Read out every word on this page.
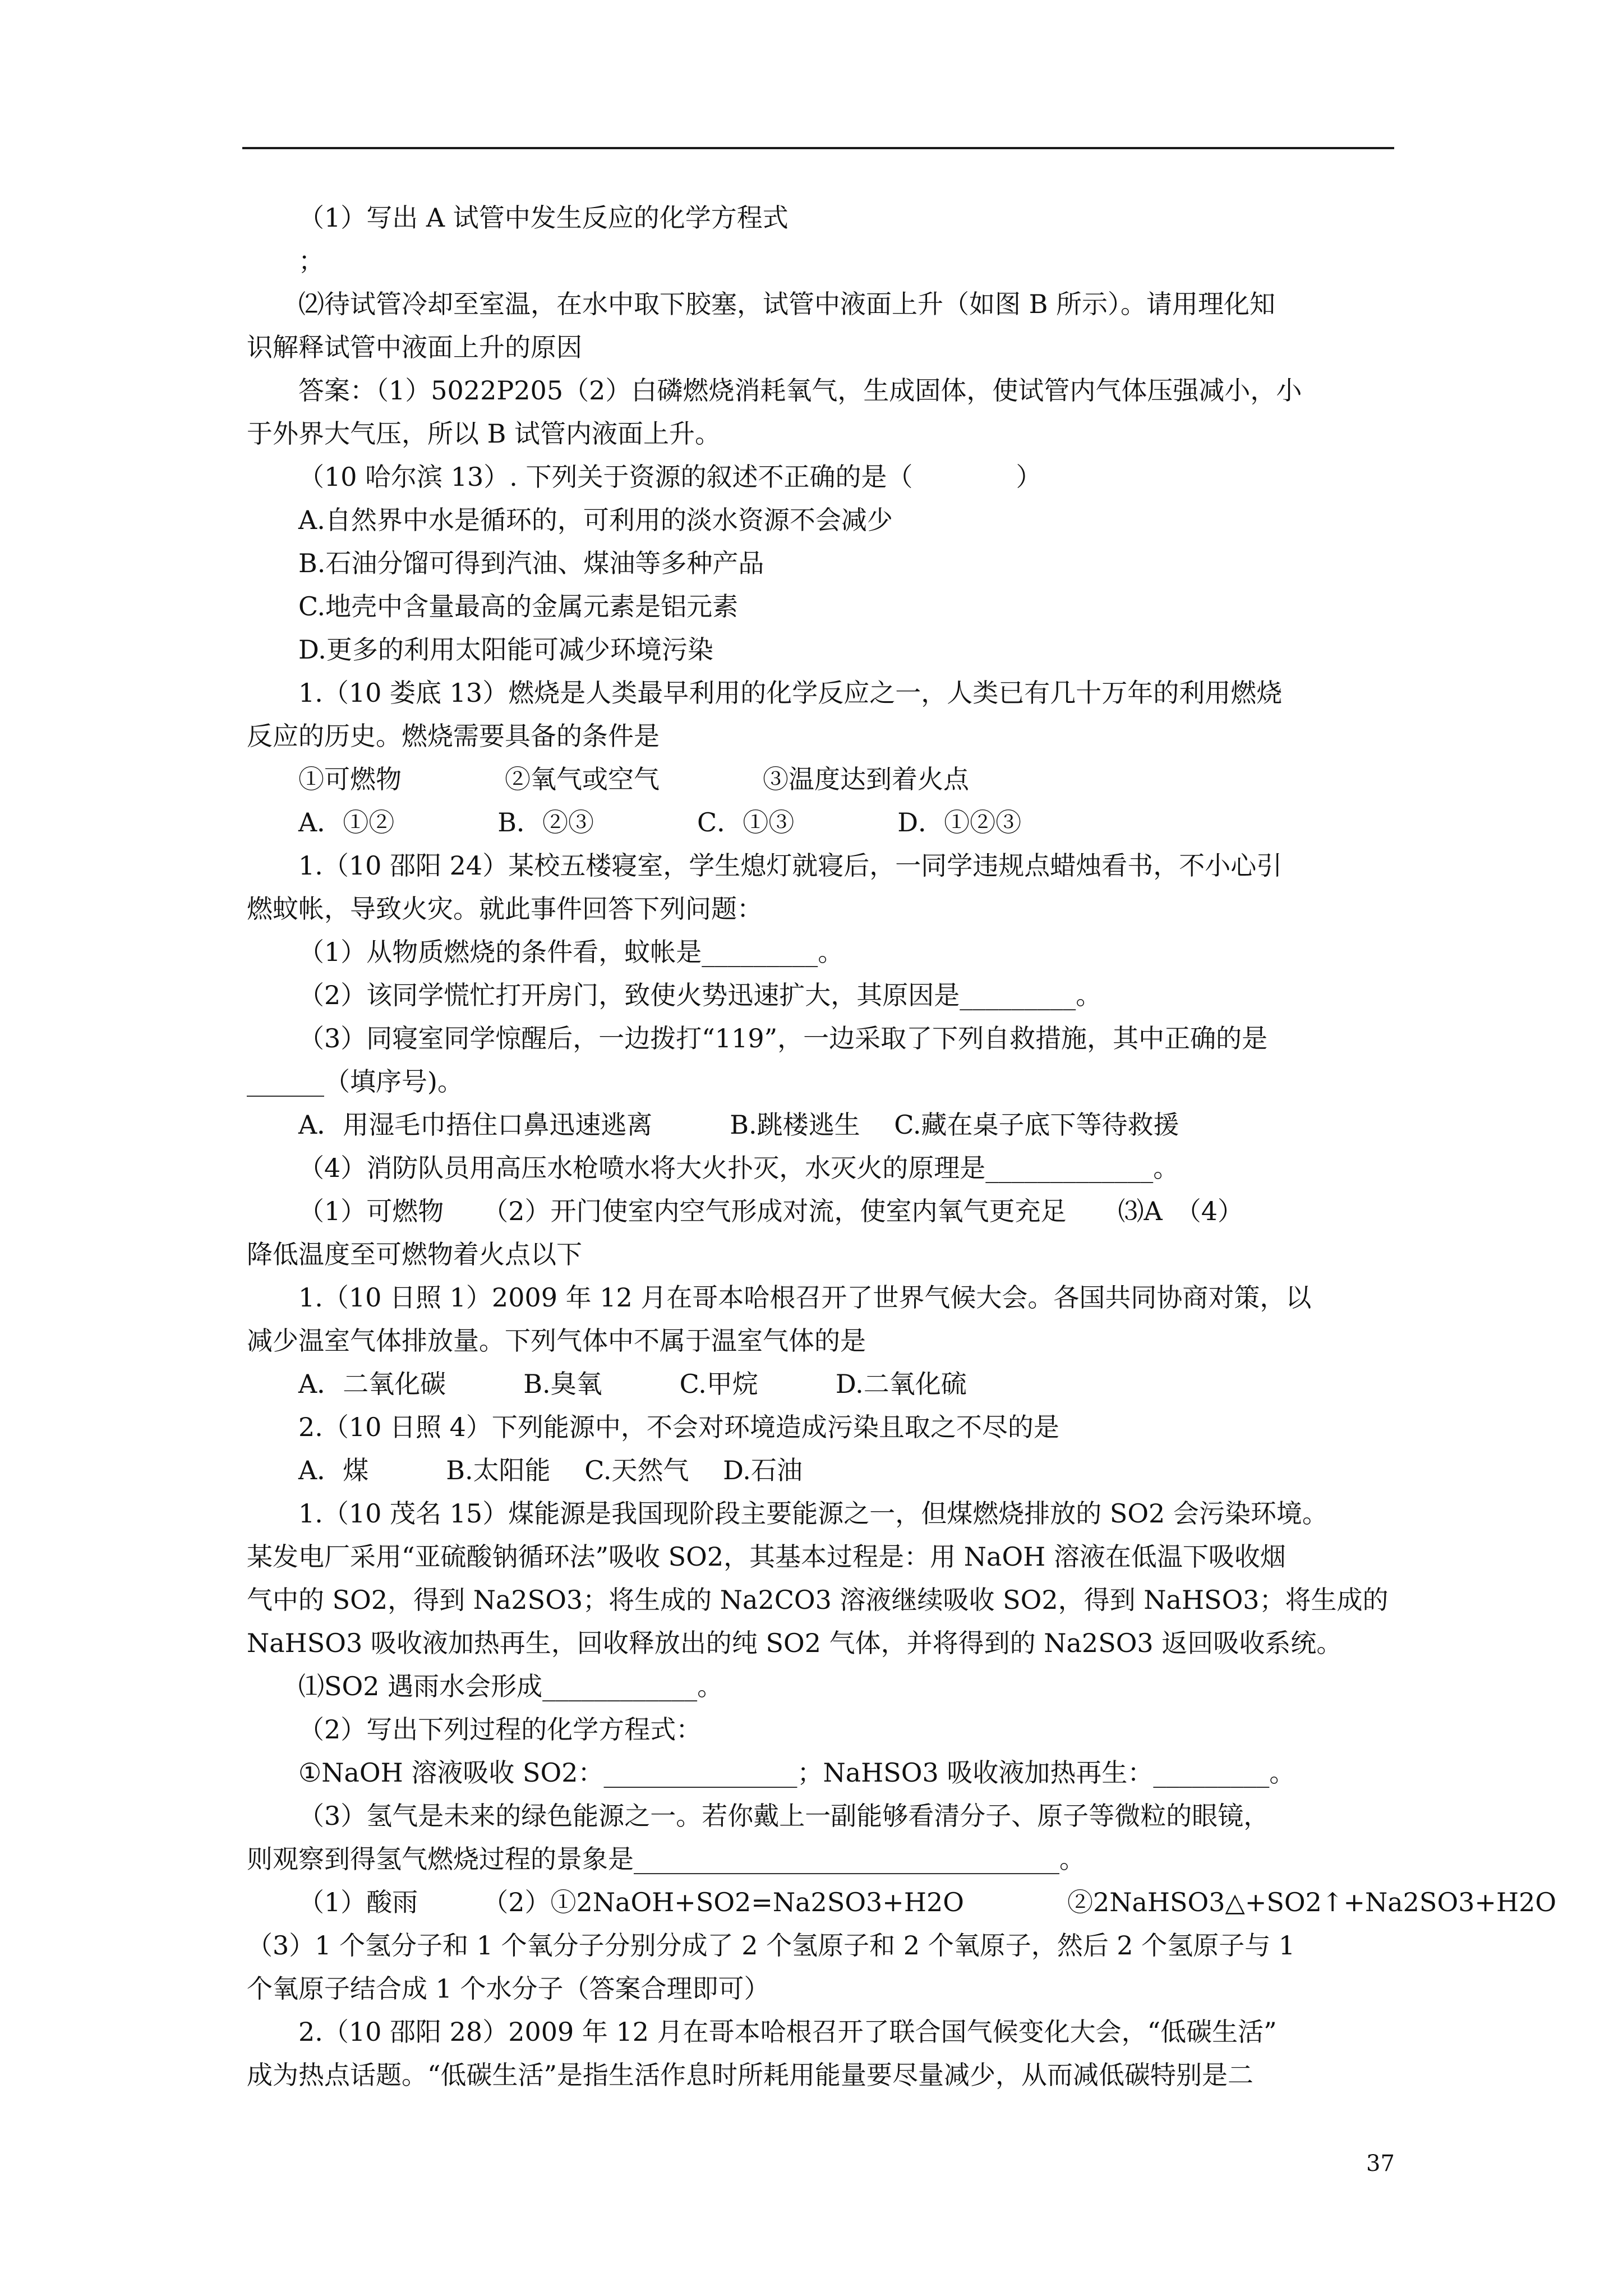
（1）写出 A 试管中发生反应的化学方程式
；
⑵待试管冷却至室温，在水中取下胶塞，试管中液面上升（如图 B 所示）。请用理化知
识解释试管中液面上升的原因
答案：（1）5022P205（2）白磷燃烧消耗氧气，生成固体，使试管内气体压强减小，小
于外界大气压，所以 B 试管内液面上升。
（10 哈尔滨 13）. 下列关于资源的叙述不正确的是（　　　　）
A.自然界中水是循环的，可利用的淡水资源不会减少
B.石油分馏可得到汽油、煤油等多种产品
C.地壳中含量最高的金属元素是铝元素
D.更多的利用太阳能可减少环境污染
1.（10 娄底 13）燃烧是人类最早利用的化学反应之一，人类已有几十万年的利用燃烧
反应的历史。燃烧需要具备的条件是
①可燃物　　　　②氧气或空气　　　　③温度达到着火点
A．①②　　　　B．②③　　　　C．①③　　　　D．①②③
1.（10 邵阳 24）某校五楼寝室，学生熄灯就寝后，一同学违规点蜡烛看书，不小心引
燃蚊帐，导致火灾。就此事件回答下列问题：
（1）从物质燃烧的条件看，蚊帐是_________。
（2）该同学慌忙打开房门，致使火势迅速扩大，其原因是_________。
（3）同寝室同学惊醒后，一边拨打“119”，一边采取了下列自救措施，其中正确的是
______（填序号)。
A．用湿毛巾捂住口鼻迅速逃离　　　B.跳楼逃生　 C.藏在桌子底下等待救援
（4）消防队员用高压水枪喷水将大火扑灭，水灭火的原理是_____________。
（1）可燃物　　（2）开门使室内空气形成对流，使室内氧气更充足　　⑶A　（4）
降低温度至可燃物着火点以下
1.（10 日照 1）2009 年 12 月在哥本哈根召开了世界气候大会。各国共同协商对策，以
减少温室气体排放量。下列气体中不属于温室气体的是
A．二氧化碳　　　B.臭氧　　　C.甲烷　　　D.二氧化硫
2.（10 日照 4）下列能源中，不会对环境造成污染且取之不尽的是
A．煤　　　B.太阳能　 C.天然气　 D.石油
1.（10 茂名 15）煤能源是我国现阶段主要能源之一，但煤燃烧排放的 SO2 会污染环境。
某发电厂采用“亚硫酸钠循环法”吸收 SO2，其基本过程是：用 NaOH 溶液在低温下吸收烟
气中的 SO2，得到 Na2SO3；将生成的 Na2CO3 溶液继续吸收 SO2，得到 NaHSO3；将生成的
NaHSO3 吸收液加热再生，回收释放出的纯 SO2 气体，并将得到的 Na2SO3 返回吸收系统。
⑴SO2 遇雨水会形成____________。
（2）写出下列过程的化学方程式：
①NaOH 溶液吸收 SO2：_______________；NaHSO3 吸收液加热再生：_________。
（3）氢气是未来的绿色能源之一。若你戴上一副能够看清分子、原子等微粒的眼镜，
则观察到得氢气燃烧过程的景象是_________________________________。
（1）酸雨　　　（2）①2NaOH+SO2=Na2SO3+H2O　　　　②2NaHSO3△+SO2↑+Na2SO3+H2O
（3）1 个氢分子和 1 个氧分子分别分成了 2 个氢原子和 2 个氧原子，然后 2 个氢原子与 1
个氧原子结合成 1 个水分子（答案合理即可）
2.（10 邵阳 28）2009 年 12 月在哥本哈根召开了联合国气候变化大会，“低碳生活”
成为热点话题。“低碳生活”是指生活作息时所耗用能量要尽量减少，从而减低碳特别是二
37
